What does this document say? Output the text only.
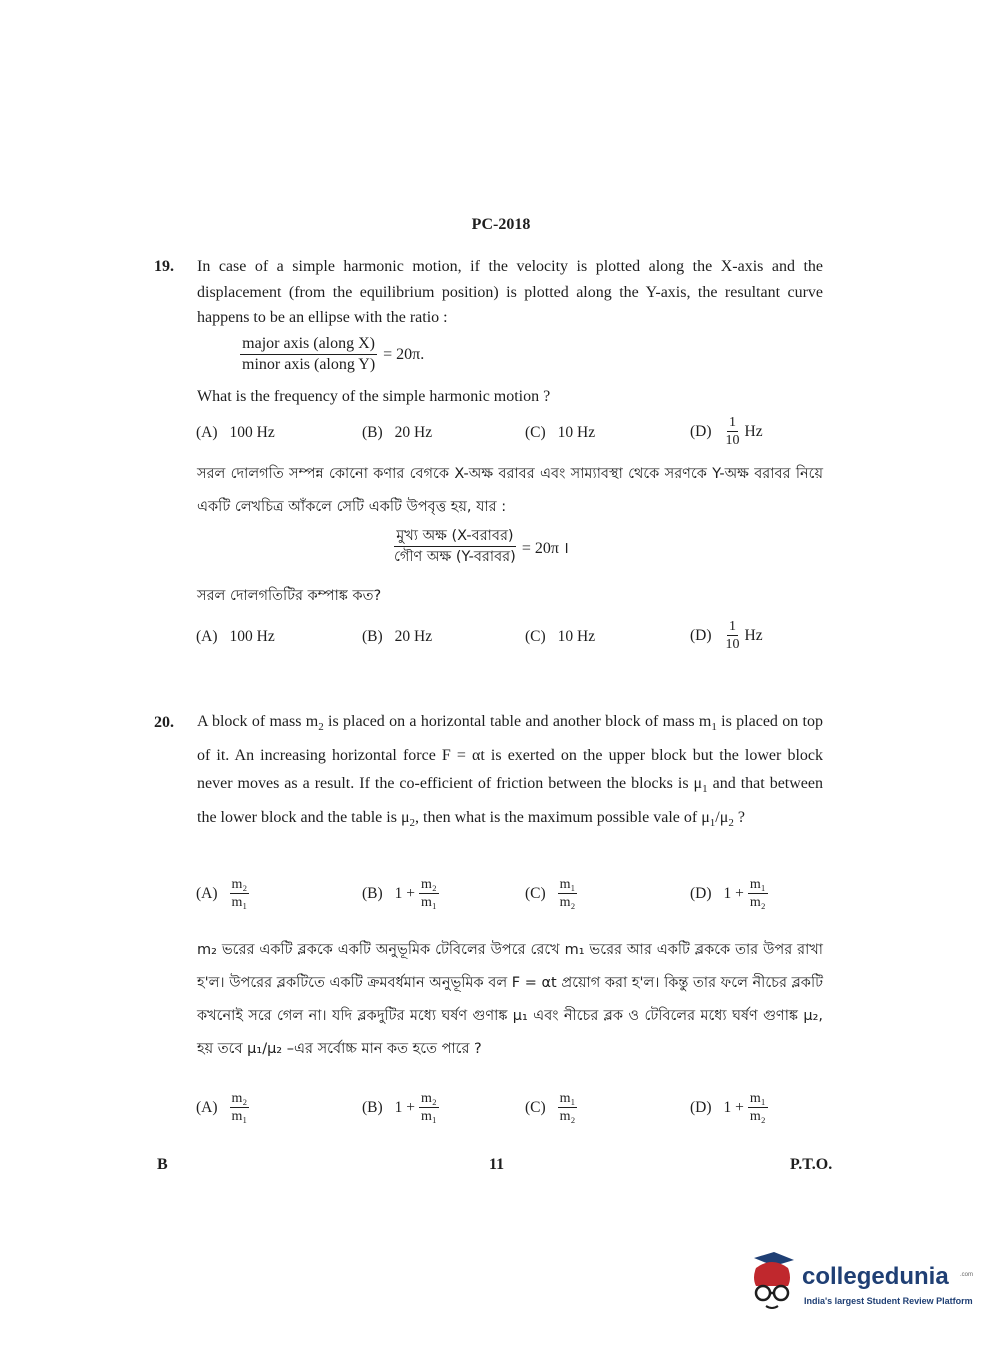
PC-2018
19. In case of a simple harmonic motion, if the velocity is plotted along the X-axis and the displacement (from the equilibrium position) is plotted along the Y-axis, the resultant curve happens to be an ellipse with the ratio :
$\frac{\text{major axis (along X)}}{\text{minor axis (along Y)}} = 20\pi$.
What is the frequency of the simple harmonic motion ?
(A) 100 Hz	(B) 20 Hz	(C) 10 Hz	$(D) \frac{1}{10}$ Hz
সরল দোলগতি সম্পন্ন কোনো কণার বেগকে X-অক্ষ বরাবর এবং সাম্যাবস্থা থেকে সরণকে Y-অক্ষ বরাবর নিয়ে একটি লেখচিত্র আঁকলে সেটি একটি উপবৃত্ত হয়, যার :
$\frac{\text{মুখ্য অক্ষ (X-বরাবর)}}{\text{গৌণ অক্ষ (Y-বরাবর)}} = 20\pi$ ।
সরল দোলগতিটির কম্পাঙ্ক কত?
(A) 100 Hz	(B) 20 Hz	(C) 10 Hz	$(D) \frac{1}{10}$ Hz
20. A block of mass $m_2$ is placed on a horizontal table and another block of mass $m_1$ is placed on top of it. An increasing horizontal force F = αt is exerted on the upper block but the lower block never moves as a result. If the co-efficient of friction between the blocks is $\mu_1$ and that between the lower block and the table is $\mu_2$, then what is the maximum possible vale of $\mu_1/\mu_2$ ?
$(A) \frac{\text{m₂}}{\text{m₁}}$	(B) $1 + \frac{\text{m₂}}{\text{m₁}}$	$(C) \frac{\text{m₁}}{\text{m₂}}$	(D) $1 + \frac{\text{m₁}}{\text{m₂}}$
m₂ ভরের একটি ব্লককে একটি অনুভূমিক টেবিলের উপরে রেখে m₁ ভরের আর একটি ব্লককে তার উপর রাখা হ'ল। উপরের ব্লকটিতে একটি ক্রমবর্ধমান অনুভূমিক বল F = αt প্রয়োগ করা হ'ল। কিন্তু তার ফলে নীচের ব্লকটি কখনোই সরে গেল না। যদি ব্লকদুটির মধ্যে ঘর্ষণ গুণাঙ্ক μ₁ এবং নীচের ব্লক ও টেবিলের মধ্যে ঘর্ষণ গুণাঙ্ক μ₂, হয় তবে μ₁/μ₂ –এর সর্বোচ্চ মান কত হতে পারে ?
$(A) \frac{\text{m₂}}{\text{m₁}}$	(B) $1 + \frac{\text{m₂}}{\text{m₁}}$	$(C) \frac{\text{m₁}}{\text{m₂}}$	(D) $1 + \frac{\text{m₁}}{\text{m₂}}$
B	11	P.T.O.
collegedunia .com
India's largest Student Review Platform
